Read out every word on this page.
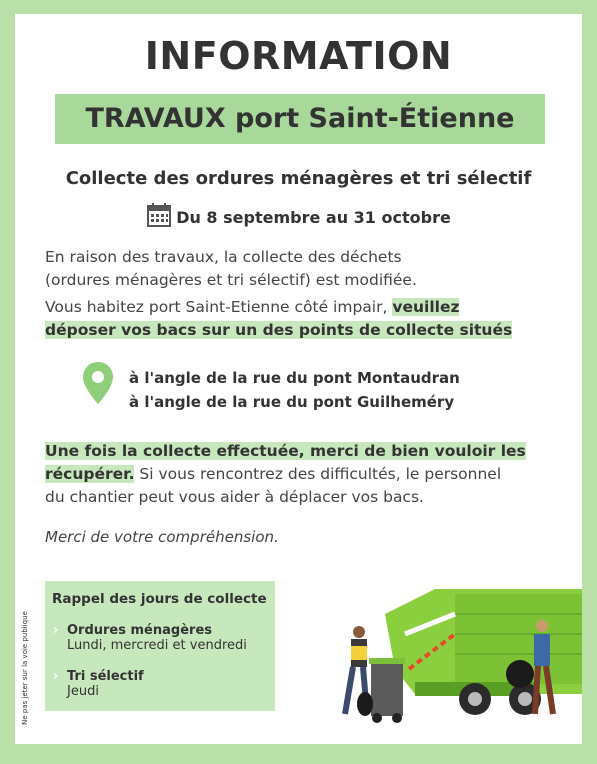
INFORMATION
TRAVAUX port Saint-Étienne
Collecte des ordures ménagères et tri sélectif
Du 8 septembre au 31 octobre
En raison des travaux, la collecte des déchets
(ordures ménagères et tri sélectif) est modifiée.
Vous habitez port Saint-Etienne côté impair, veuillez
déposer vos bacs sur un des points de collecte situés
à l'angle de la rue du pont Montaudran
à l'angle de la rue du pont Guilheméry
Une fois la collecte effectuée, merci de bien vouloir les
récupérer. Si vous rencontrez des difficultés, le personnel
du chantier peut vous aider à déplacer vos bacs.
Merci de votre compréhension.
Ne pas jeter sur la voie publique
Rappel des jours de collecte
› Ordures ménagères
Lundi, mercredi et vendredi
› Tri sélectif
Jeudi
